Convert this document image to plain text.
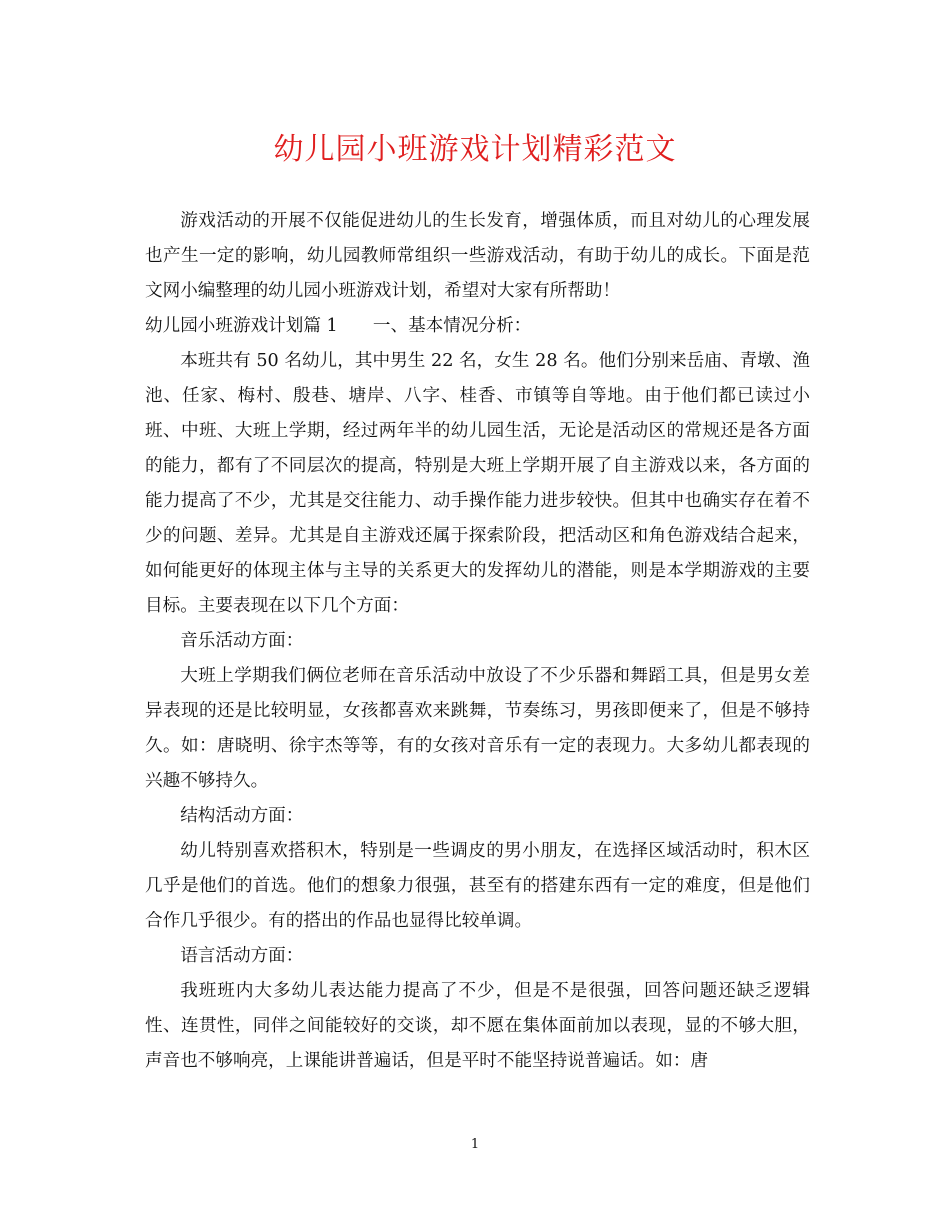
幼儿园小班游戏计划精彩范文

游戏活动的开展不仅能促进幼儿的生长发育，增强体质，而且对幼儿的心理发展也产生一定的影响，幼儿园教师常组织一些游戏活动，有助于幼儿的成长。下面是范文网小编整理的幼儿园小班游戏计划，希望对大家有所帮助！

幼儿园小班游戏计划篇 1　　一、基本情况分析：

本班共有 50 名幼儿，其中男生 22 名，女生 28 名。他们分别来岳庙、青墩、渔池、任家、梅村、殷巷、塘岸、八字、桂香、市镇等自等地。由于他们都已读过小班、中班、大班上学期，经过两年半的幼儿园生活，无论是活动区的常规还是各方面的能力，都有了不同层次的提高，特别是大班上学期开展了自主游戏以来，各方面的能力提高了不少，尤其是交往能力、动手操作能力进步较快。但其中也确实存在着不少的问题、差异。尤其是自主游戏还属于探索阶段，把活动区和角色游戏结合起来，如何能更好的体现主体与主导的关系更大的发挥幼儿的潜能，则是本学期游戏的主要目标。主要表现在以下几个方面：

音乐活动方面：

大班上学期我们俩位老师在音乐活动中放设了不少乐器和舞蹈工具，但是男女差异表现的还是比较明显，女孩都喜欢来跳舞，节奏练习，男孩即便来了，但是不够持久。如：唐晓明、徐宇杰等等，有的女孩对音乐有一定的表现力。大多幼儿都表现的兴趣不够持久。

结构活动方面：

幼儿特别喜欢搭积木，特别是一些调皮的男小朋友，在选择区域活动时，积木区几乎是他们的首选。他们的想象力很强，甚至有的搭建东西有一定的难度，但是他们合作几乎很少。有的搭出的作品也显得比较单调。

语言活动方面：

我班班内大多幼儿表达能力提高了不少，但是不是很强，回答问题还缺乏逻辑性、连贯性，同伴之间能较好的交谈，却不愿在集体面前加以表现，显的不够大胆，声音也不够响亮，上课能讲普遍话，但是平时不能坚持说普遍话。如：唐

1
